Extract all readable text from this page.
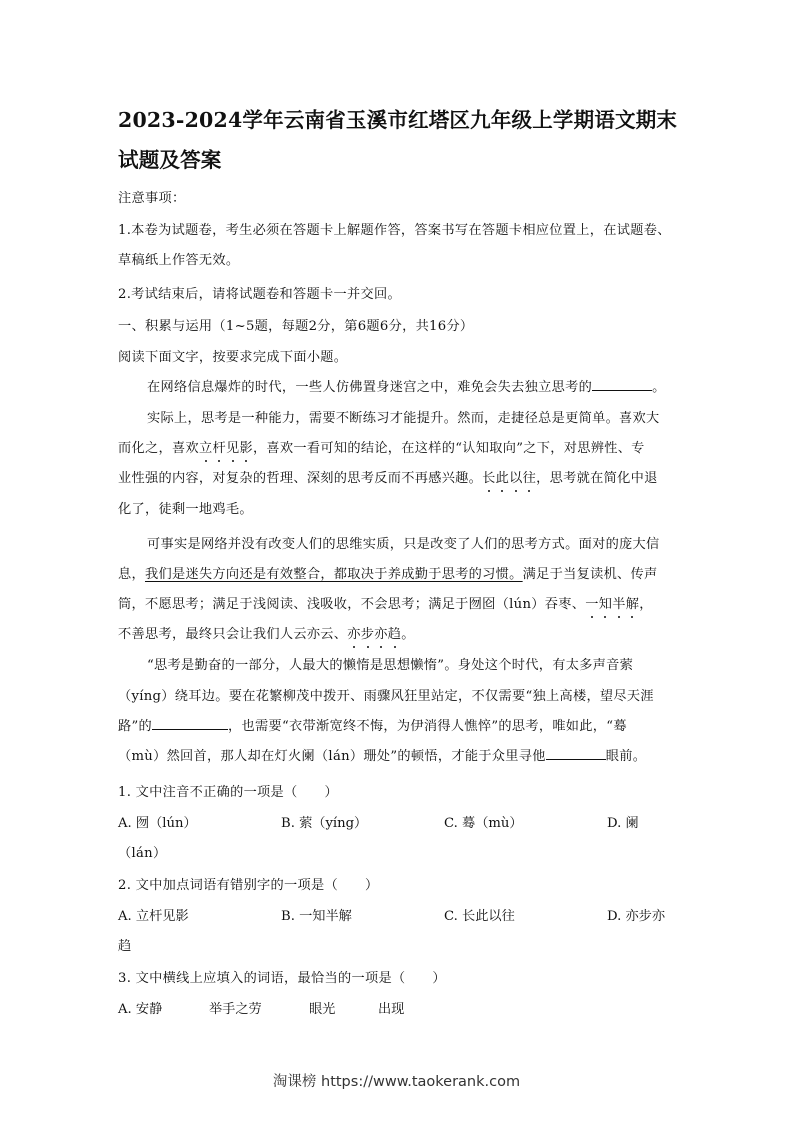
2023-2024学年云南省玉溪市红塔区九年级上学期语文期末
试题及答案
注意事项：
1.本卷为试题卷，考生必须在答题卡上解题作答，答案书写在答题卡相应位置上，在试题卷、
草稿纸上作答无效。
2.考试结束后，请将试题卷和答题卡一并交回。
一、积累与运用（1~5题，每题2分，第6题6分，共16分）
阅读下面文字，按要求完成下面小题。
在网络信息爆炸的时代，一些人仿佛置身迷宫之中，难免会失去独立思考的	。
实际上，思考是一种能力，需要不断练习才能提升。然而，走捷径总是更简单。喜欢大
而化之，喜欢立杆见影，喜欢一看可知的结论，在这样的“认知取向”之下，对思辨性、专
业性强的内容，对复杂的哲理、深刻的思考反而不再感兴趣。长此以往，思考就在简化中退
化了，徒剩一地鸡毛。
可事实是网络并没有改变人们的思维实质，只是改变了人们的思考方式。面对的庞大信
息，我们是迷失方向还是有效整合，都取决于养成勤于思考的习惯。满足于当复读机、传声
筒，不愿思考；满足于浅阅读、浅吸收，不会思考；满足于囫囵（lún）吞枣、一知半解，
不善思考，最终只会让我们人云亦云、亦步亦趋。
“思考是勤奋的一部分，人最大的懒惰是思想懒惰”。身处这个时代，有太多声音萦
（yíng）绕耳边。要在花繁柳茂中拨开、雨骤风狂里站定，不仅需要“独上高楼，望尽天涯
路”的	，也需要“衣带渐宽终不悔，为伊消得人憔悴”的思考，唯如此，“蓦
（mù）然回首，那人却在灯火阑（lán）珊处”的顿悟，才能于众里寻他	眼前。
1. 文中注音不正确的一项是（　　）
A. 囫（lún）	B. 萦（yíng）	C. 蓦（mù）	D. 阑
（lán）
2. 文中加点词语有错别字的一项是（　　）
A. 立杆见影	B. 一知半解	C. 长此以往	D. 亦步亦
趋
3. 文中横线上应填入的词语，最恰当的一项是（　　）
A. 安静	举手之劳	眼光	出现
淘课榜 https://www.taokerank.com
